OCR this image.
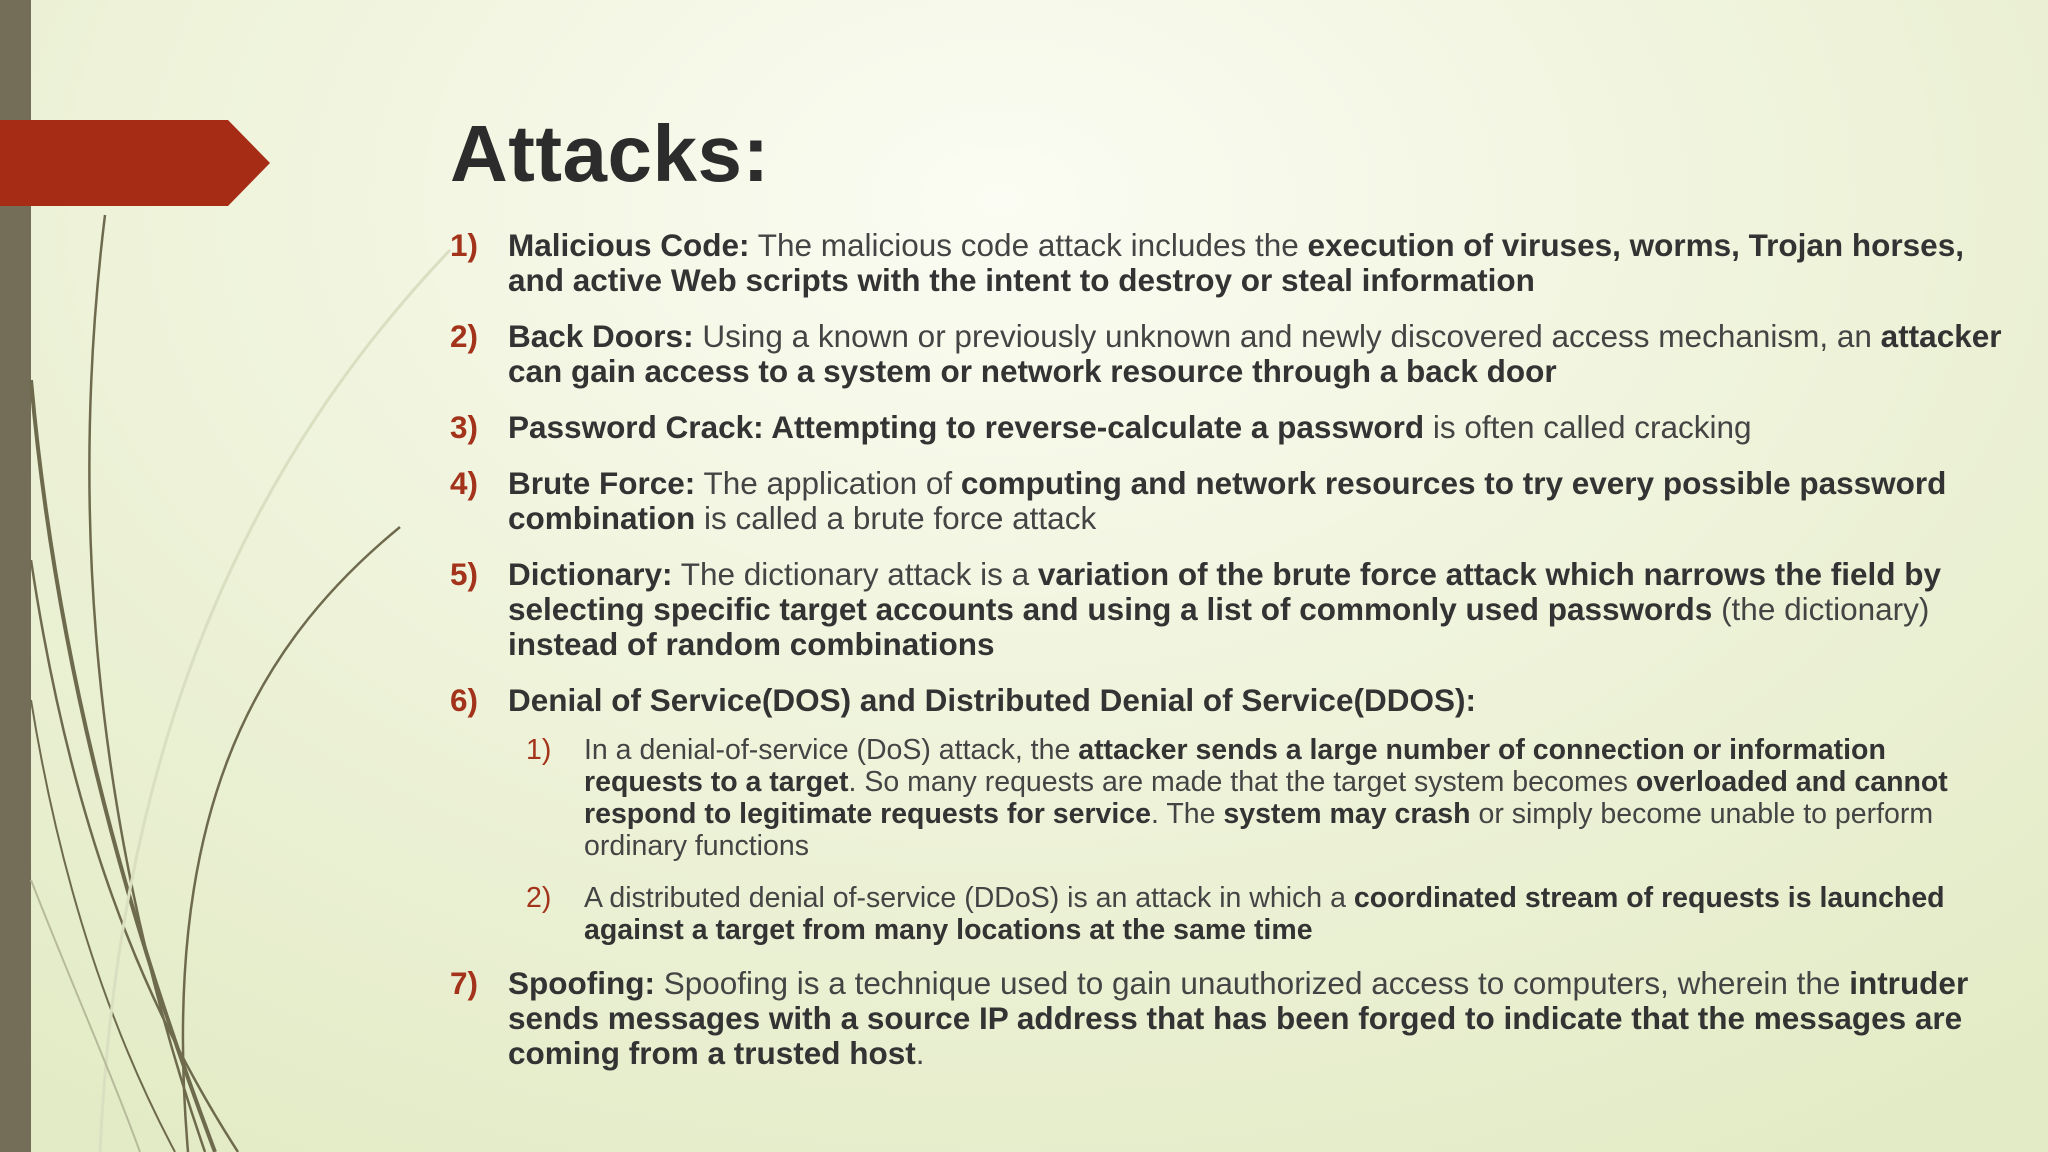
Attacks:
1) Malicious Code: The malicious code attack includes the execution of viruses, worms, Trojan horses, and active Web scripts with the intent to destroy or steal information
2) Back Doors: Using a known or previously unknown and newly discovered access mechanism, an attacker can gain access to a system or network resource through a back door
3) Password Crack: Attempting to reverse-calculate a password is often called cracking
4) Brute Force: The application of computing and network resources to try every possible password combination is called a brute force attack
5) Dictionary: The dictionary attack is a variation of the brute force attack which narrows the field by selecting specific target accounts and using a list of commonly used passwords (the dictionary) instead of random combinations
6) Denial of Service(DOS) and Distributed Denial of Service(DDOS):
1)	In a denial-of-service (DoS) attack, the attacker sends a large number of connection or information requests to a target. So many requests are made that the target system becomes overloaded and cannot respond to legitimate requests for service. The system may crash or simply become unable to perform ordinary functions
2)	A distributed denial of-service (DDoS) is an attack in which a coordinated stream of requests is launched against a target from many locations at the same time
7) Spoofing: Spoofing is a technique used to gain unauthorized access to computers, wherein the intruder sends messages with a source IP address that has been forged to indicate that the messages are coming from a trusted host.
